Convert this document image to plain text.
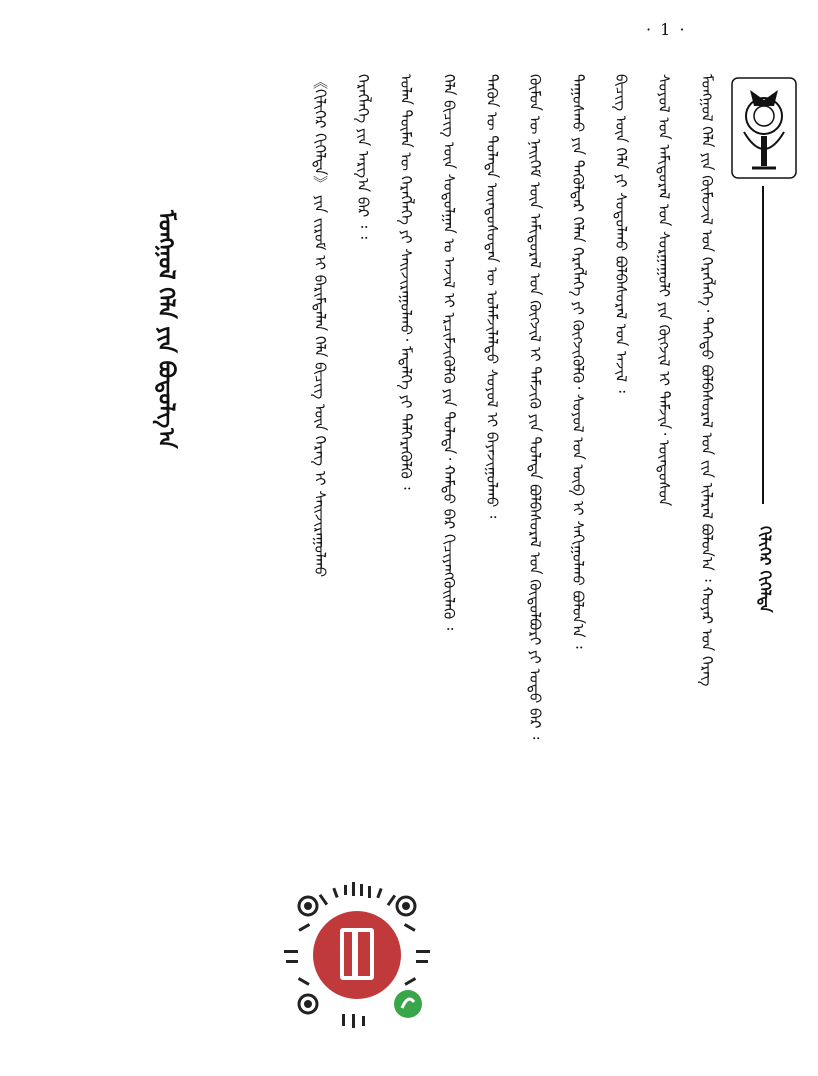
· 1 ·
ᠭᠢᠯᠢᠭᠡᠷ ᠬᠢᠭᠡᠯᠲᠡ
ᠮᠣᠩᠭᠣᠯ ᠬᠡᠯᠡ ᠶᠢᠨ ᠬᠦᠮᠦᠵᠢᠯ ᠤᠨ ᠬᠡᠷᠡᠭᠯᠡᠭᠡ᠂ ᠳᠡᠭᠡᠳᠦ ᠪᠣᠯᠪᠠᠰᠤᠷᠠᠯ ᠤᠨ ᠵᠢᠨ ᠢᠯᠡᠷᠡᠯ ᠪᠣᠯᠤᠨ᠎ᠠ ᠄ ᠬᠣᠶᠠᠷ ᠤᠨ ᠬᠡᠷᠡᠭ
ᠰᠣᠶᠤᠯ ᠤᠨ ᠠᠮᠢᠳᠤᠷᠠᠯ ᠤᠨ ᠰᠤᠷᠭᠠᠭᠤᠯᠢ ᠶᠢᠨ ᠬᠥᠭᠵᠢᠯ ᠢ ᠳᠡᠮᠵᠢᠨ᠂ ᠦᠨᠳᠦᠰᠦᠨ
ᠪᠢᠴᠢᠭ ᠦᠨ ᠬᠡᠯᠡ ᠶᠢ ᠰᠤᠳᠤᠯᠬᠤ ᠪᠣᠯᠪᠠᠰᠤᠷᠠᠯ ᠤᠨ ᠠᠵᠢᠯ ᠄
ᠳᠠᠭᠤᠰᠬᠤ ᠶᠢᠨ ᠲᠡᠭᠦᠯᠳᠡᠷ ᠬᠡᠯᠡᠨ ᠬᠡᠷᠡᠭᠯᠡᠭᠡ ᠶᠢ ᠬᠥᠭᠵᠢᠭᠦᠯᠬᠦ᠂ ᠰᠣᠶᠤᠯ ᠤᠨ ᠥᠪ ᠢ ᠰᠠᠬᠢᠭᠤᠯᠬᠤ ᠪᠣᠯᠤᠨ᠎ᠠ ᠄
ᠬᠦᠮᠦᠨ ᠦ ᠨᠡᠢᠭᠡᠮ ᠦᠨ ᠠᠮᠢᠳᠤᠷᠠᠯ ᠤᠨ ᠬᠥᠭᠵᠢᠯ ᠢ ᠳᠡᠮᠵᠢᠬᠦ ᠶᠢᠨ ᠲᠤᠯᠠᠳᠠ ᠪᠣᠯᠪᠠᠰᠤᠷᠠᠯ ᠤᠨ ᠬᠥᠲᠦᠯᠪᠦᠷᠢ ᠶᠢ ᠣᠳᠣ ᠪᠠᠷ ᠄
ᠲᠡᠭᠦᠨ ᠦ ᠲᠤᠯᠠᠳᠠ ᠦᠨᠳᠦᠰᠦᠲᠡᠨ ᠦ ᠤᠯᠠᠮᠵᠢᠯᠠᠯᠲᠤ ᠰᠣᠶᠤᠯ ᠢ ᠪᠠᠶᠠᠵᠢᠭᠤᠯᠬᠤ ᠄
ᠬᠡᠯᠡ ᠪᠢᠴᠢᠭ ᠦᠨ ᠰᠤᠳᠤᠯᠭᠠᠨ ᠤ ᠠᠵᠢᠯ ᠢ ᠡᠷᠴᠢᠮᠵᠢᠭᠦᠯᠬᠦ ᠶᠢᠨ ᠲᠤᠯᠠᠳᠠ᠂ ᠬᠠᠮᠲᠤ ᠪᠠᠷ ᠬᠢᠴᠢᠶᠡᠩᠭᠦᠢᠯᠡᠬᠦ ᠄
ᠣᠯᠠᠨ ᠲᠥᠮᠡᠨ ᠦ ᠬᠡᠷᠡᠭᠯᠡᠭᠡ ᠶᠢ ᠰᠠᠢᠵᠢᠷᠠᠭᠤᠯᠬᠤ᠂ ᠮᠡᠳᠡᠯᠭᠡ ᠶᠢ ᠳᠡᠯᠭᠡᠷᠡᠭᠦᠯᠬᠦ ᠄
ᠬᠡᠷᠡᠭᠯᠡᠭᠡ ᠶᠢᠨ ᠠᠷᠭ᠎ᠠ ᠪᠠᠷ ᠄ ᠄
《ᠭᠢᠯᠢᠭᠡᠷ ᠬᠢᠭᠡᠯᠲᠡ》 ᠶᠢᠨ ᠵᠢᠷᠤᠮ ᠢ ᠪᠠᠷᠢᠮᠲᠠᠯᠠᠨ ᠬᠡᠯᠡ ᠪᠢᠴᠢᠭ ᠦᠨ ᠬᠡᠷᠡᠭ ᠢ ᠰᠠᠢᠵᠢᠷᠠᠭᠤᠯᠬᠤ
ᠮᠣᠩᠭᠣᠯ ᠬᠡᠯᠡ ᠶᠢᠨ ᠪᠣᠳᠤᠯᠭ᠎ᠠ
